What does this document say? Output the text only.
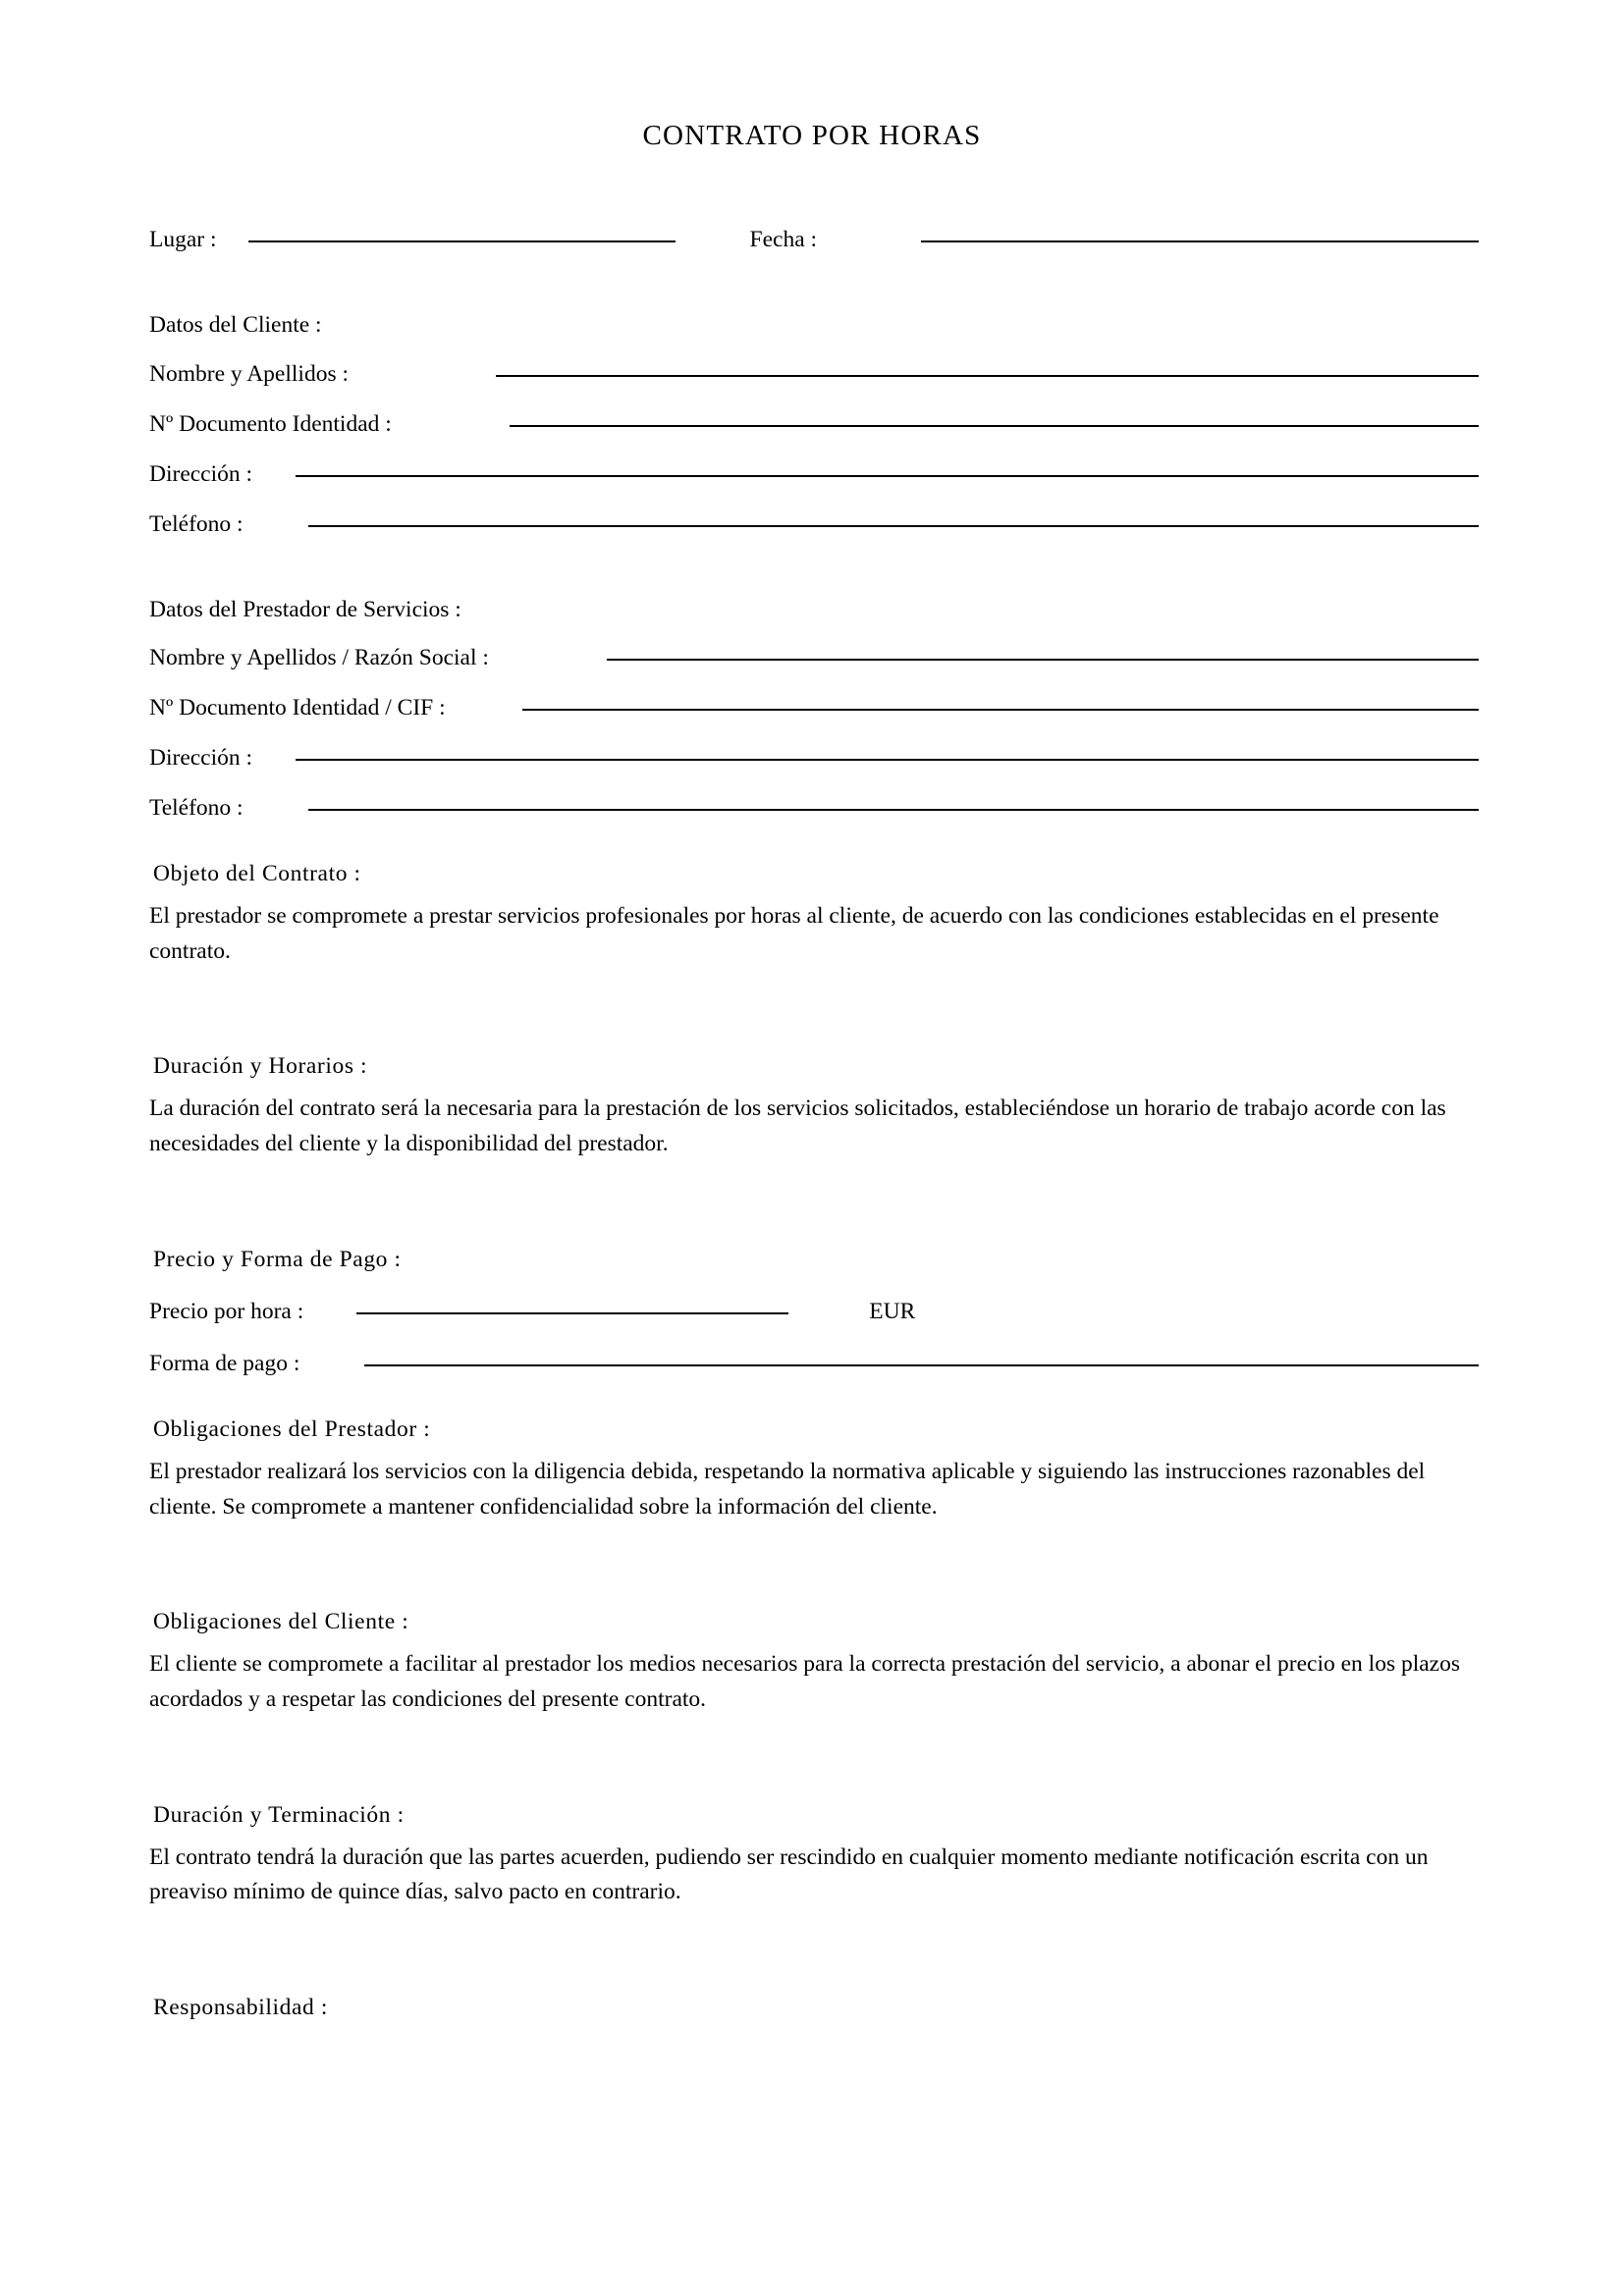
CONTRATO POR HORAS
Lugar :	Fecha :

Datos del Cliente :

Nombre y Apellidos :
Nº Documento Identidad :
Dirección :
Teléfono :

Datos del Prestador de Servicios :

Nombre y Apellidos / Razón Social :
Nº Documento Identidad / CIF :
Dirección :
Teléfono :

Objeto del Contrato :

El prestador se compromete a prestar servicios profesionales por horas al cliente, de acuerdo con las condiciones establecidas en el presente contrato.

Duración y Horarios :

La duración del contrato será la necesaria para la prestación de los servicios solicitados, estableciéndose un horario de trabajo acorde con las necesidades del cliente y la disponibilidad del prestador.

Precio y Forma de Pago :

Precio por hora :	EUR
Forma de pago :

Obligaciones del Prestador :

El prestador realizará los servicios con la diligencia debida, respetando la normativa aplicable y siguiendo las instrucciones razonables del cliente. Se compromete a mantener confidencialidad sobre la información del cliente.

Obligaciones del Cliente :

El cliente se compromete a facilitar al prestador los medios necesarios para la correcta prestación del servicio, a abonar el precio en los plazos acordados y a respetar las condiciones del presente contrato.

Duración y Terminación :

El contrato tendrá la duración que las partes acuerden, pudiendo ser rescindido en cualquier momento mediante notificación escrita con un preaviso mínimo de quince días, salvo pacto en contrario.

Responsabilidad :
